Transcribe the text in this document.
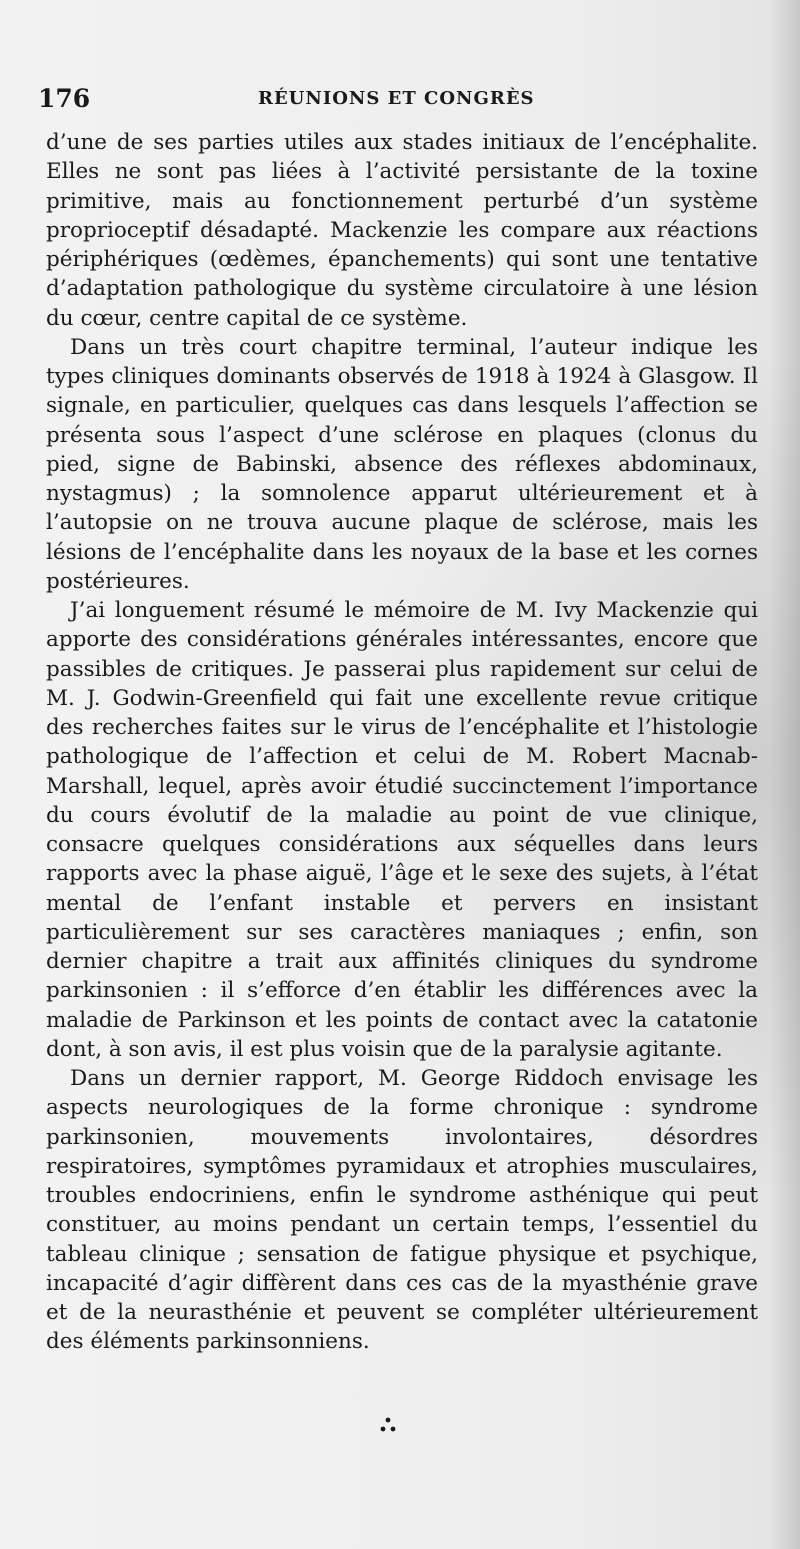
176	RÉUNIONS ET CONGRÈS

d’une de ses parties utiles aux stades initiaux de l’encéphalite. Elles ne sont pas liées à l’activité persistante de la toxine primitive, mais au fonctionnement perturbé d’un système proprioceptif désadapté. Mackenzie les compare aux réactions périphériques (œdèmes, épanchements) qui sont une tentative d’adaptation pathologique du système circulatoire à une lésion du cœur, centre capital de ce système.

Dans un très court chapitre terminal, l’auteur indique les types cliniques dominants observés de 1918 à 1924 à Glasgow. Il signale, en particulier, quelques cas dans lesquels l’affection se présenta sous l’aspect d’une sclérose en plaques (clonus du pied, signe de Babinski, absence des réflexes abdominaux, nystagmus) ; la somnolence apparut ultérieurement et à l’autopsie on ne trouva aucune plaque de sclérose, mais les lésions de l’encéphalite dans les noyaux de la base et les cornes postérieures.

J’ai longuement résumé le mémoire de M. Ivy Mackenzie qui apporte des considérations générales intéressantes, encore que passibles de critiques. Je passerai plus rapidement sur celui de M. J. Godwin-Greenfield qui fait une excellente revue critique des recherches faites sur le virus de l’encéphalite et l’histologie pathologique de l’affection et celui de M. Robert Macnab-Marshall, lequel, après avoir étudié succinctement l’importance du cours évolutif de la maladie au point de vue clinique, consacre quelques considérations aux séquelles dans leurs rapports avec la phase aiguë, l’âge et le sexe des sujets, à l’état mental de l’enfant instable et pervers en insistant particulièrement sur ses caractères maniaques ; enfin, son dernier chapitre a trait aux affinités cliniques du syndrome parkinsonien : il s’efforce d’en établir les différences avec la maladie de Parkinson et les points de contact avec la catatonie dont, à son avis, il est plus voisin que de la paralysie agitante.

Dans un dernier rapport, M. George Riddoch envisage les aspects neurologiques de la forme chronique : syndrome parkinsonien, mouvements involontaires, désordres respiratoires, symptômes pyramidaux et atrophies musculaires, troubles endocriniens, enfin le syndrome asthénique qui peut constituer, au moins pendant un certain temps, l’essentiel du tableau clinique ; sensation de fatigue physique et psychique, incapacité d’agir diffèrent dans ces cas de la myasthénie grave et de la neurasthénie et peuvent se compléter ultérieurement des éléments parkinsonniens.
